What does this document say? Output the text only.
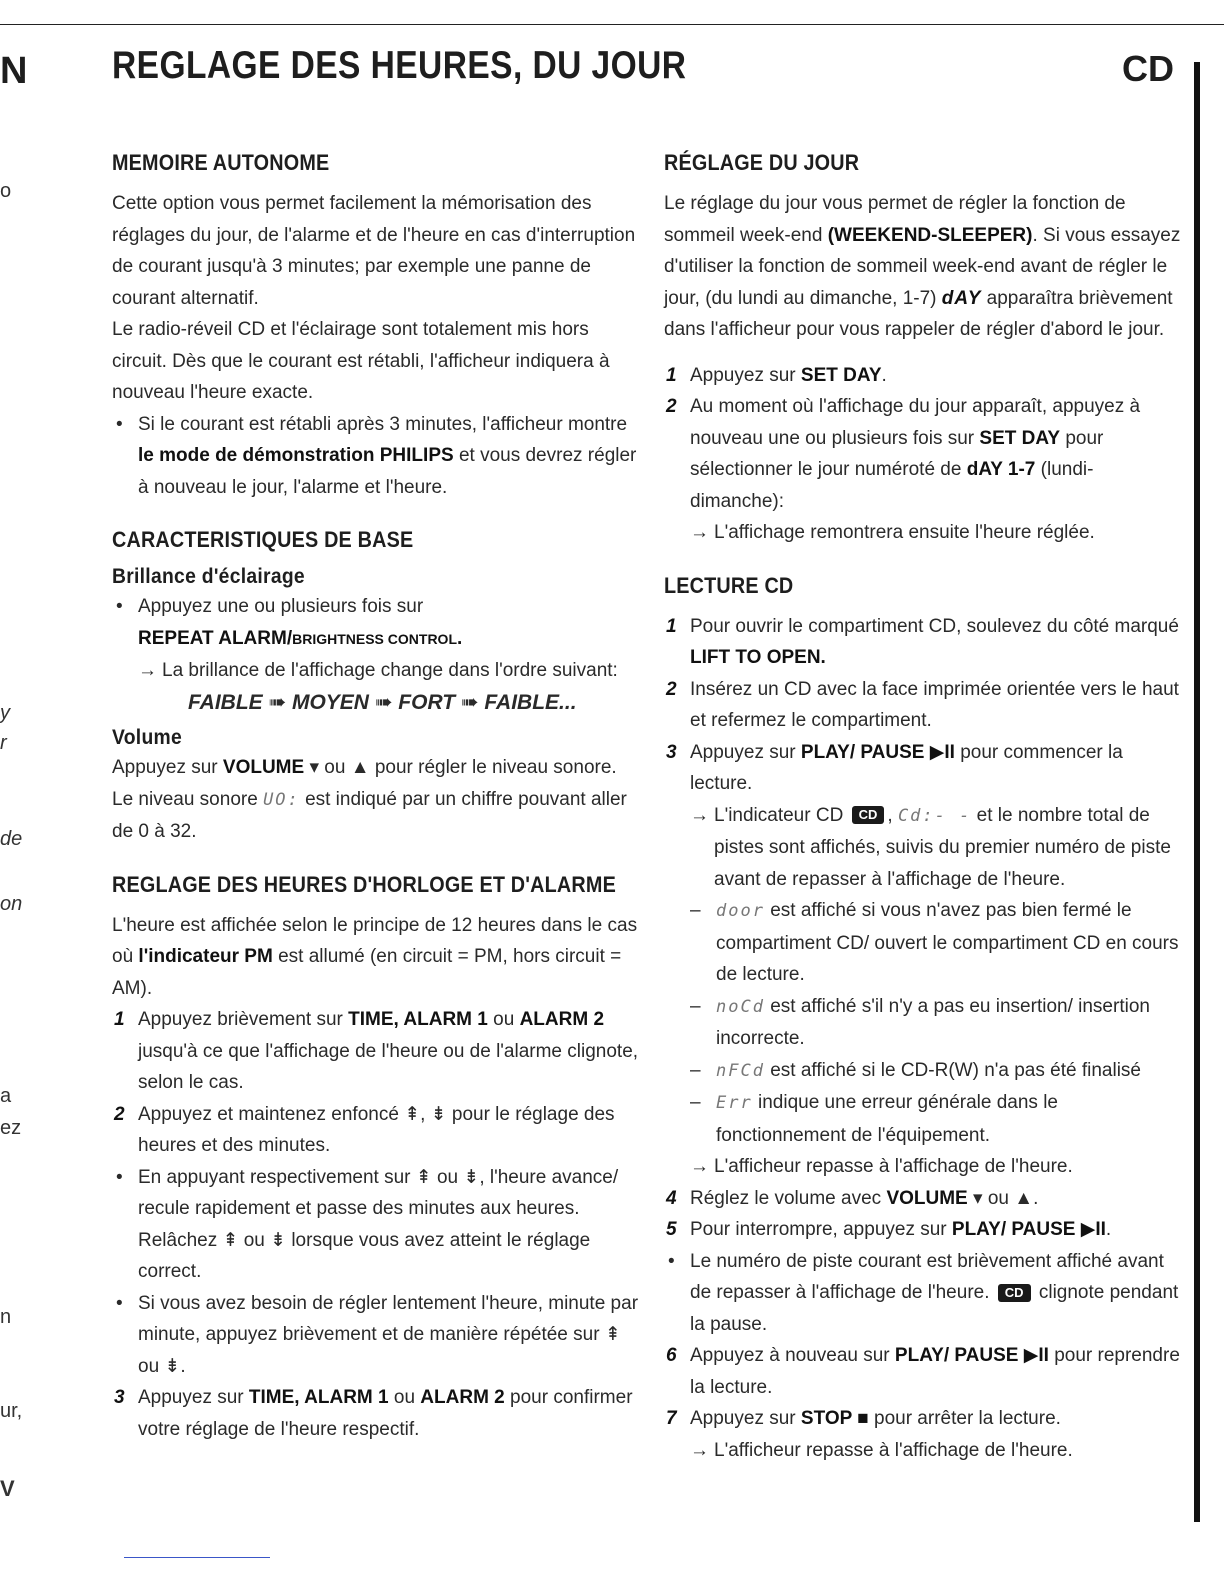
N REGLAGE DES HEURES, DU JOUR	CD
o
y
r
de
on
a
ez
n
ur,
V
MEMOIRE AUTONOME

Cette option vous permet facilement la mémorisation des réglages du jour, de l'alarme et de l'heure en cas d'interruption de courant jusqu'à 3 minutes; par exemple une panne de courant alternatif.

Le radio-réveil CD et l'éclairage sont totalement mis hors circuit. Dès que le courant est rétabli, l'afficheur indiquera à nouveau l'heure exacte.

• Si le courant est rétabli après 3 minutes, l'afficheur montre le mode de démonstration PHILIPS et vous devrez régler à nouveau le jour, l'alarme et l'heure.
CARACTERISTIQUES DE BASE
Brillance d'éclairage
• Appuyez une ou plusieurs fois sur
REPEAT ALARM/BRIGHTNESS CONTROL.
→ La brillance de l'affichage change dans l'ordre suivant:
FAIBLE ➠ MOYEN ➠ FORT ➠ FAIBLE...
Volume

Appuyez sur VOLUME ▾ ou ▲ pour régler le niveau sonore. Le niveau sonore UO: est indiqué par un chiffre pouvant aller de 0 à 32.

REGLAGE DES HEURES D'HORLOGE ET D'ALARME

L'heure est affichée selon le principe de 12 heures dans le cas où l'indicateur PM est allumé (en circuit = PM, hors circuit = AM).

1 Appuyez brièvement sur TIME, ALARM 1 ou ALARM 2 jusqu'à ce que l'affichage de l'heure ou de l'alarme clignote, selon le cas.
2 Appuyez et maintenez enfoncé ⇞, ⇟ pour le réglage des heures et des minutes.
• En appuyant respectivement sur ⇞ ou ⇟, l'heure avance/ recule rapidement et passe des minutes aux heures. Relâchez ⇞ ou ⇟ lorsque vous avez atteint le réglage correct.
• Si vous avez besoin de régler lentement l'heure, minute par minute, appuyez brièvement et de manière répétée sur ⇞ ou ⇟.
3 Appuyez sur TIME, ALARM 1 ou ALARM 2 pour confirmer votre réglage de l'heure respectif.
RÉGLAGE DU JOUR

Le réglage du jour vous permet de régler la fonction de sommeil week-end (WEEKEND-SLEEPER). Si vous essayez d'utiliser la fonction de sommeil week-end avant de régler le jour, (du lundi au dimanche, 1-7) dAY apparaîtra brièvement dans l'afficheur pour vous rappeler de régler d'abord le jour.

1 Appuyez sur SET DAY.
2 Au moment où l'affichage du jour apparaît, appuyez à nouveau une ou plusieurs fois sur SET DAY pour sélectionner le jour numéroté de dAY 1-7 (lundi-dimanche):
→ L'affichage remontrera ensuite l'heure réglée.
LECTURE CD
1 Pour ouvrir le compartiment CD, soulevez du côté marqué LIFT TO OPEN.
2 Insérez un CD avec la face imprimée orientée vers le haut et refermez le compartiment.
3 Appuyez sur PLAY/ PAUSE ▶II pour commencer la lecture.
→ L'indicateur CD CD , Cd:- - et le nombre total de pistes sont affichés, suivis du premier numéro de piste avant de repasser à l'affichage de l'heure.
– door est affiché si vous n'avez pas bien fermé le compartiment CD/ ouvert le compartiment CD en cours de lecture.
– noCd est affiché s'il n'y a pas eu insertion/ insertion incorrecte.
– nFCd est affiché si le CD-R(W) n'a pas été finalisé
– Err indique une erreur générale dans le fonctionnement de l'équipement.
→ L'afficheur repasse à l'affichage de l'heure.
4 Réglez le volume avec VOLUME ▾ ou ▲.
5 Pour interrompre, appuyez sur PLAY/ PAUSE ▶II.
• Le numéro de piste courant est brièvement affiché avant de repasser à l'affichage de l'heure. CD clignote pendant la pause.
6 Appuyez à nouveau sur PLAY/ PAUSE ▶II pour reprendre la lecture.
7 Appuyez sur STOP ■ pour arrêter la lecture.
→ L'afficheur repasse à l'affichage de l'heure.
